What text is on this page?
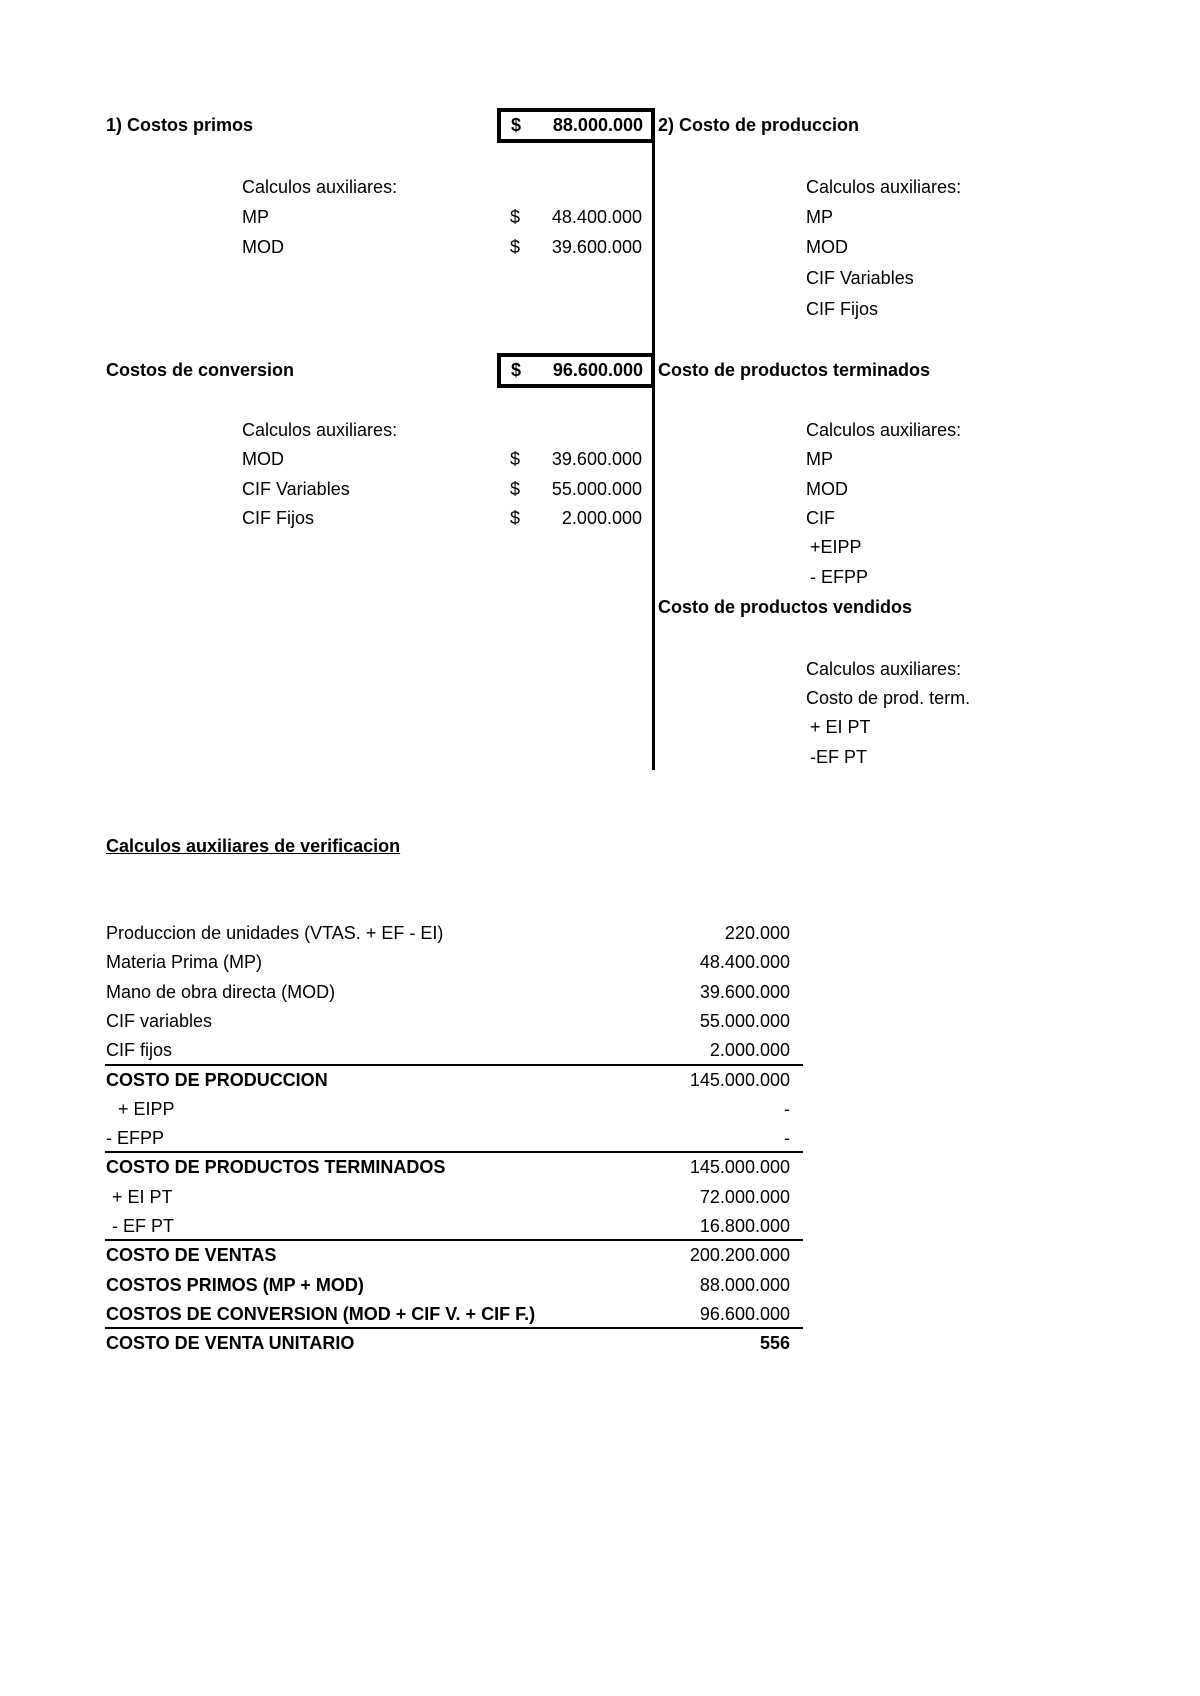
1) Costos primos	$	88.000.000
Calculos auxiliares:
MP	$	48.400.000
MOD	$	39.600.000
2) Costo de produccion
Calculos auxiliares:
MP
MOD
CIF Variables
CIF Fijos
Costos de conversion	$	96.600.000
Calculos auxiliares:
MOD	$	39.600.000
CIF Variables	$	55.000.000
CIF Fijos	$	2.000.000
Costo de productos terminados
Calculos auxiliares:
MP
MOD
CIF
+EIPP
- EFPP
Costo de productos vendidos
Calculos auxiliares:
Costo de prod. term.
+ EI PT
-EF PT
Calculos auxiliares de verificacion
Produccion de unidades (VTAS. + EF - EI)	220.000
Materia Prima (MP)	48.400.000
Mano de obra directa (MOD)	39.600.000
CIF variables	55.000.000
CIF fijos	2.000.000
COSTO DE PRODUCCION	145.000.000
+ EIPP	-
- EFPP	-
COSTO DE PRODUCTOS TERMINADOS	145.000.000
+ EI PT	72.000.000
- EF PT	16.800.000
COSTO DE VENTAS	200.200.000
COSTOS PRIMOS (MP + MOD)	88.000.000
COSTOS DE CONVERSION (MOD + CIF V. + CIF F.)	96.600.000
COSTO DE VENTA UNITARIO	556
